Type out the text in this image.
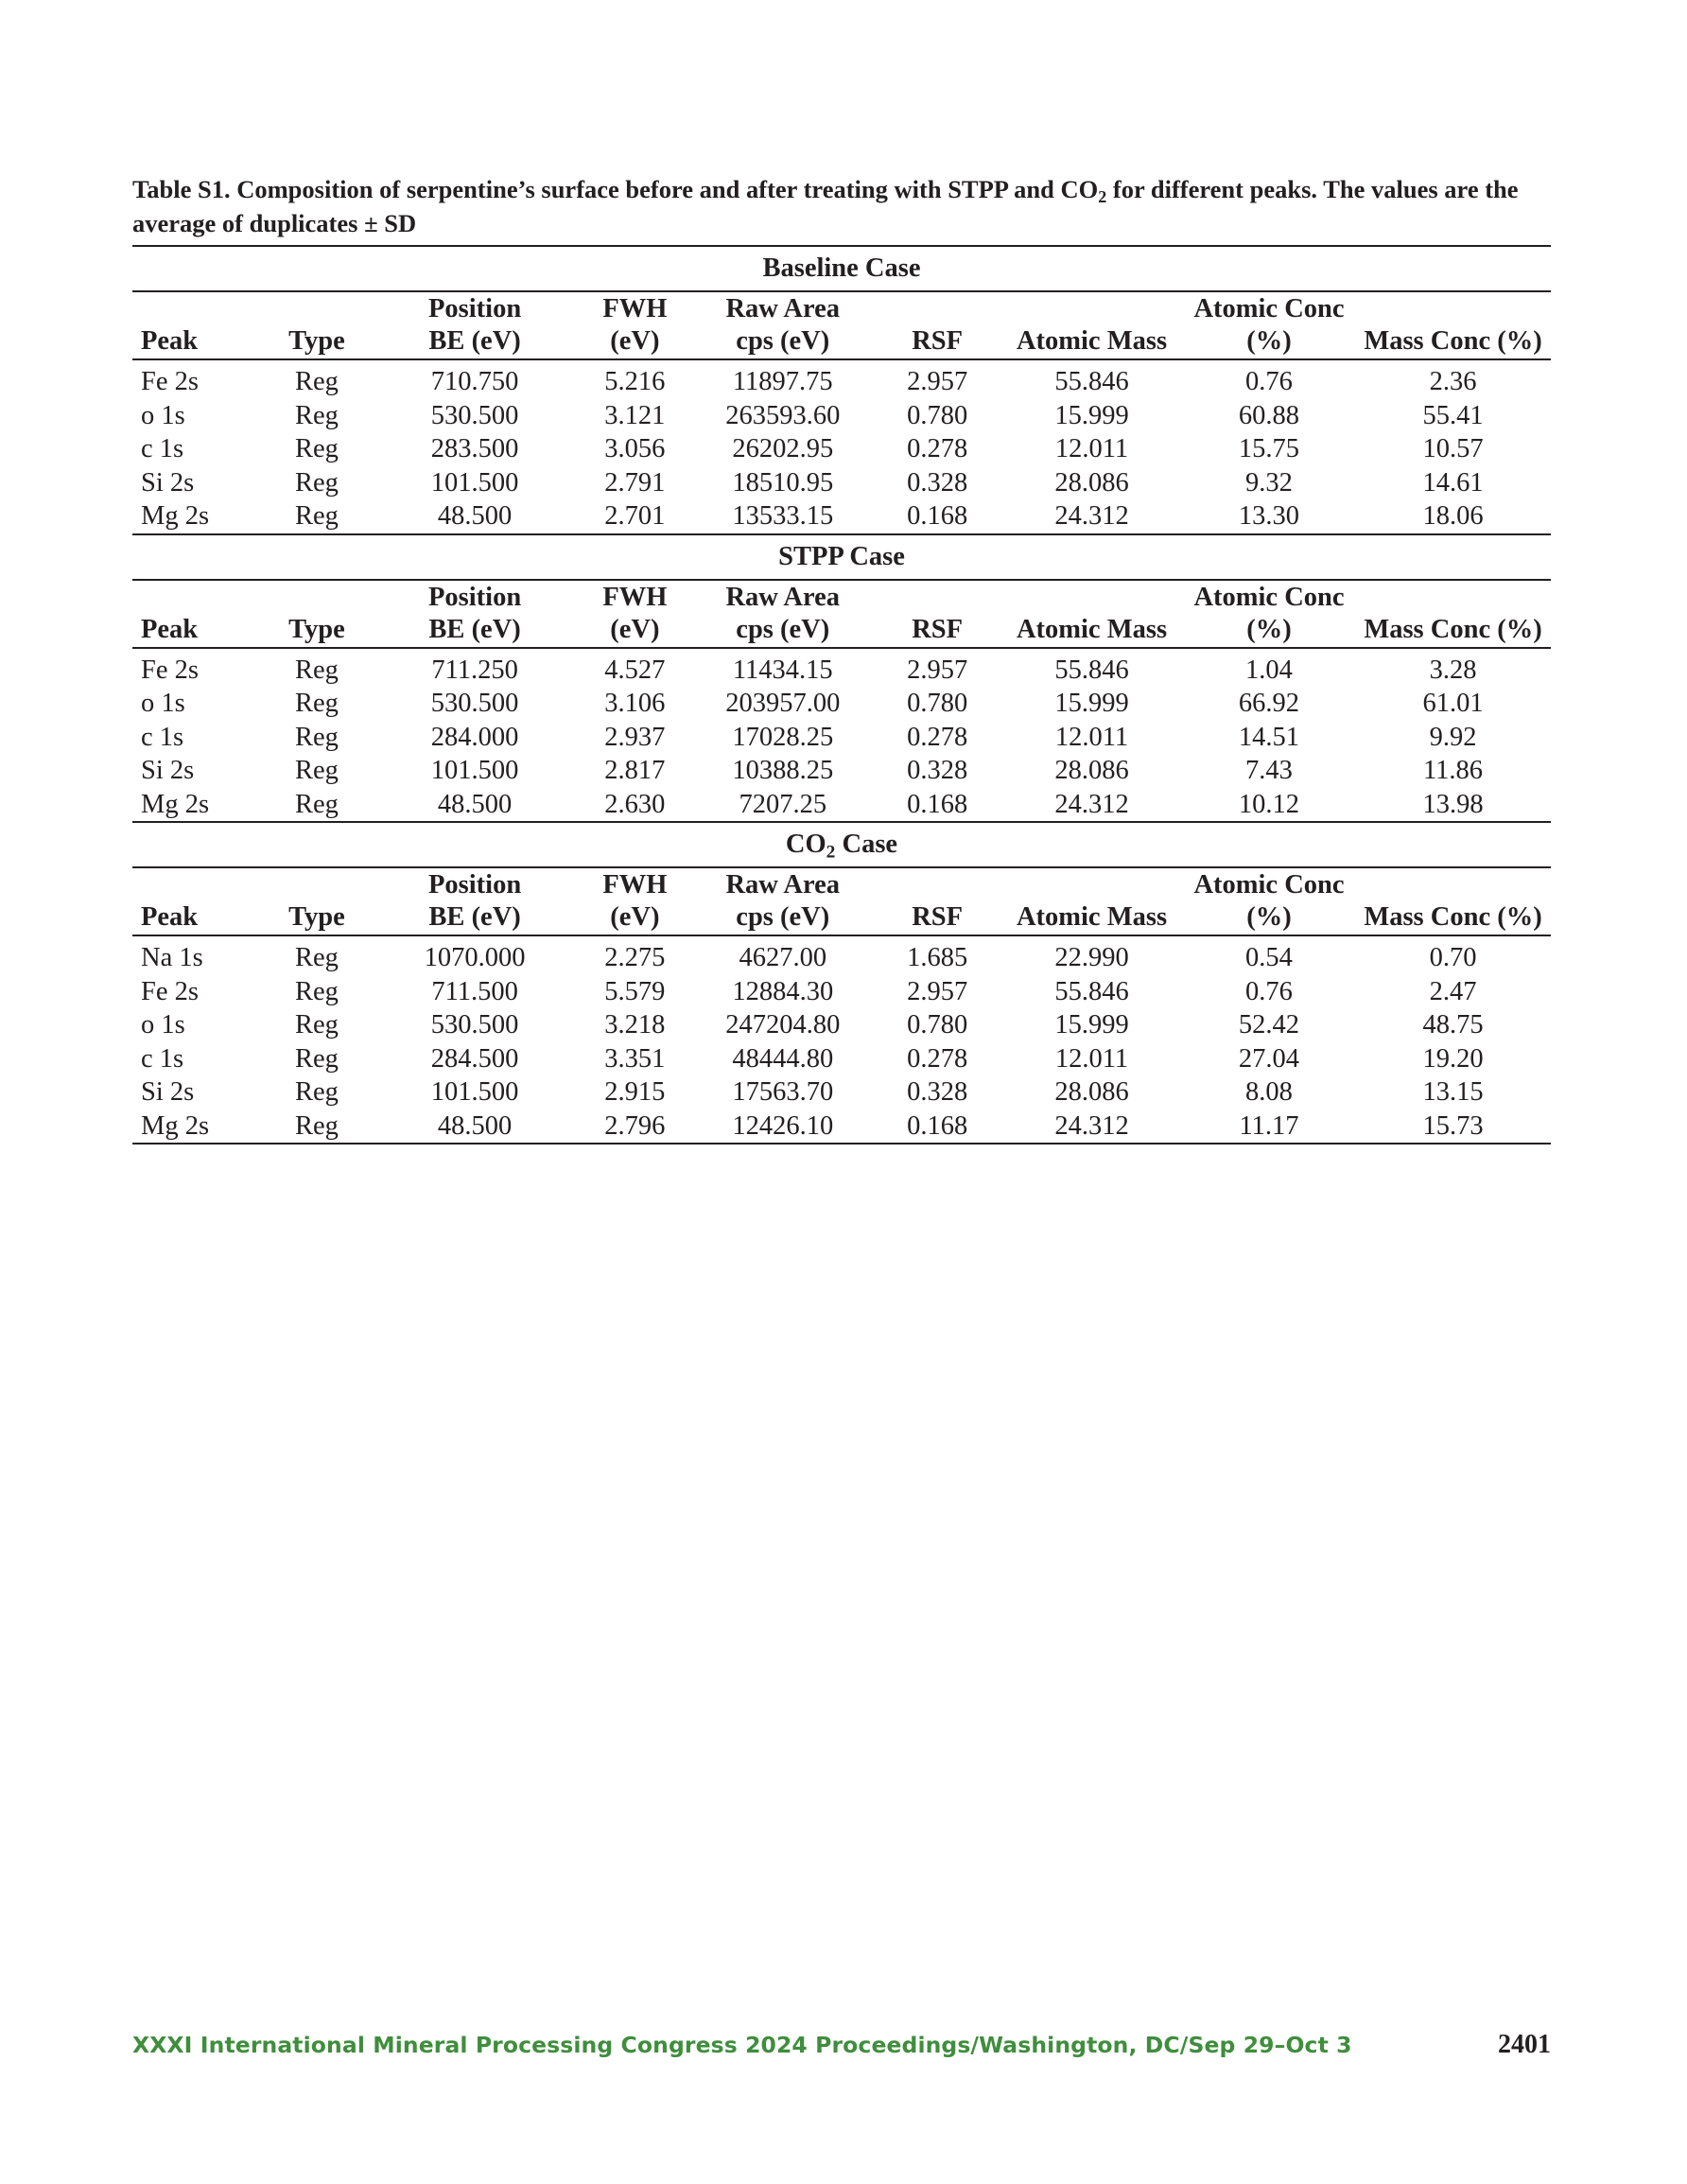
Table S1. Composition of serpentine’s surface before and after treating with STPP and $CO_2$ for different peaks. The values are the average of duplicates ± SD
Baseline Case								
		Position	FWH	Raw Area			Atomic Conc	
Peak	Type	BE (eV)	(eV)	cps (eV)	RSF	Atomic Mass	(%)	Mass Conc (%)
Fe 2s	Reg	710.750	5.216	11897.75	2.957	55.846	0.76	2.36
o 1s	Reg	530.500	3.121	263593.60	0.780	15.999	60.88	55.41
c 1s	Reg	283.500	3.056	26202.95	0.278	12.011	15.75	10.57
Si 2s	Reg	101.500	2.791	18510.95	0.328	28.086	9.32	14.61
Mg 2s	Reg	48.500	2.701	13533.15	0.168	24.312	13.30	18.06
STPP Case								
		Position	FWH	Raw Area			Atomic Conc	
Peak	Type	BE (eV)	(eV)	cps (eV)	RSF	Atomic Mass	(%)	Mass Conc (%)
Fe 2s	Reg	711.250	4.527	11434.15	2.957	55.846	1.04	3.28
o 1s	Reg	530.500	3.106	203957.00	0.780	15.999	66.92	61.01
c 1s	Reg	284.000	2.937	17028.25	0.278	12.011	14.51	9.92
Si 2s	Reg	101.500	2.817	10388.25	0.328	28.086	7.43	11.86
Mg 2s	Reg	48.500	2.630	7207.25	0.168	24.312	10.12	13.98
$CO_2$ Case								
		Position	FWH	Raw Area			Atomic Conc	
Peak	Type	BE (eV)	(eV)	cps (eV)	RSF	Atomic Mass	(%)	Mass Conc (%)
Na 1s	Reg	1070.000	2.275	4627.00	1.685	22.990	0.54	0.70
Fe 2s	Reg	711.500	5.579	12884.30	2.957	55.846	0.76	2.47
o 1s	Reg	530.500	3.218	247204.80	0.780	15.999	52.42	48.75
c 1s	Reg	284.500	3.351	48444.80	0.278	12.011	27.04	19.20
Si 2s	Reg	101.500	2.915	17563.70	0.328	28.086	8.08	13.15
Mg 2s	Reg	48.500	2.796	12426.10	0.168	24.312	11.17	15.73
XXXI International Mineral Processing Congress 2024 Proceedings/Washington, DC/Sep 29–Oct 3	2401
